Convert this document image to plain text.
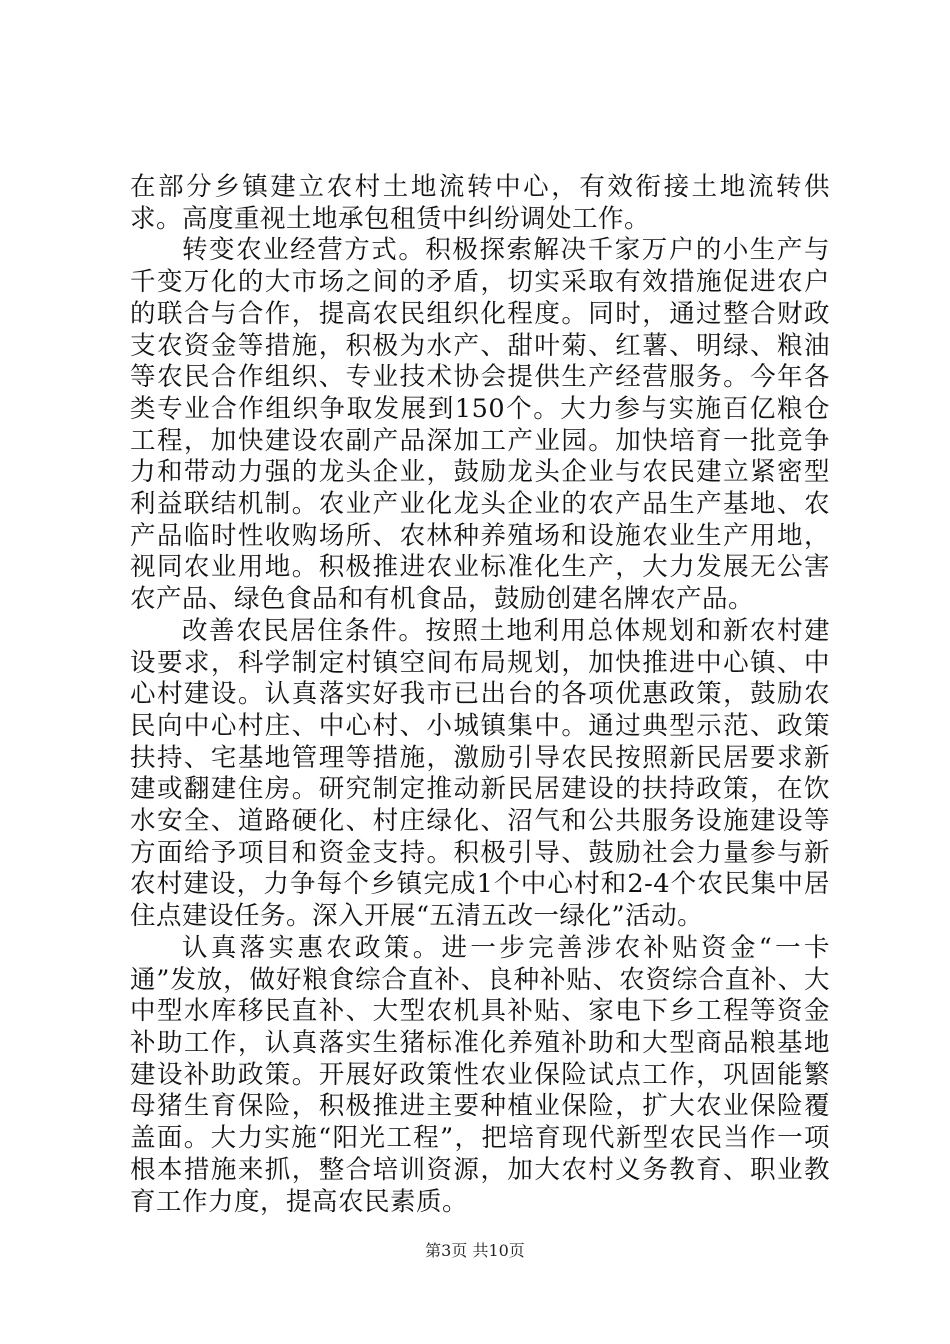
在部分乡镇建立农村土地流转中心，有效衔接土地流转供求。高度重视土地承包租赁中纠纷调处工作。

转变农业经营方式。积极探索解决千家万户的小生产与千变万化的大市场之间的矛盾，切实采取有效措施促进农户的联合与合作，提高农民组织化程度。同时，通过整合财政支农资金等措施，积极为水产、甜叶菊、红薯、明绿、粮油等农民合作组织、专业技术协会提供生产经营服务。今年各类专业合作组织争取发展到150个。大力参与实施百亿粮仓工程，加快建设农副产品深加工产业园。加快培育一批竞争力和带动力强的龙头企业，鼓励龙头企业与农民建立紧密型利益联结机制。农业产业化龙头企业的农产品生产基地、农产品临时性收购场所、农林种养殖场和设施农业生产用地，视同农业用地。积极推进农业标准化生产，大力发展无公害农产品、绿色食品和有机食品，鼓励创建名牌农产品。

改善农民居住条件。按照土地利用总体规划和新农村建设要求，科学制定村镇空间布局规划，加快推进中心镇、中心村建设。认真落实好我市已出台的各项优惠政策，鼓励农民向中心村庄、中心村、小城镇集中。通过典型示范、政策扶持、宅基地管理等措施，激励引导农民按照新民居要求新建或翻建住房。研究制定推动新民居建设的扶持政策，在饮水安全、道路硬化、村庄绿化、沼气和公共服务设施建设等方面给予项目和资金支持。积极引导、鼓励社会力量参与新农村建设，力争每个乡镇完成1个中心村和2-4个农民集中居住点建设任务。深入开展“五清五改一绿化”活动。

认真落实惠农政策。进一步完善涉农补贴资金“一卡通”发放，做好粮食综合直补、良种补贴、农资综合直补、大中型水库移民直补、大型农机具补贴、家电下乡工程等资金补助工作，认真落实生猪标准化养殖补助和大型商品粮基地建设补助政策。开展好政策性农业保险试点工作，巩固能繁母猪生育保险，积极推进主要种植业保险，扩大农业保险覆盖面。大力实施“阳光工程”，把培育现代新型农民当作一项根本措施来抓，整合培训资源，加大农村义务教育、职业教育工作力度，提高农民素质。

第3页 共10页
